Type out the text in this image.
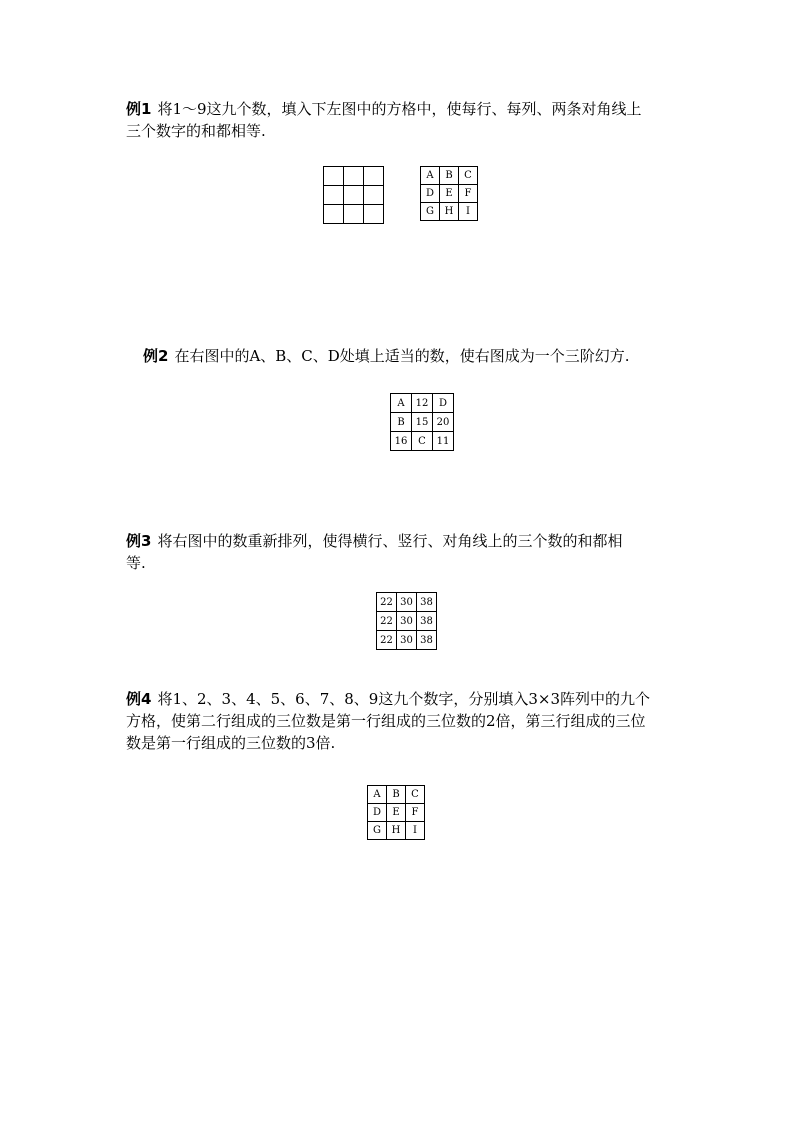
例1 将1～9这九个数，填入下左图中的方格中，使每行、每列、两条对角线上
三个数字的和都相等.

A	B	C
D	E	F
G	H	I
例2 在右图中的A、B、C、D处填上适当的数，使右图成为一个三阶幻方.
A	12	D
B	15	20
16	C	11
例3 将右图中的数重新排列，使得横行、竖行、对角线上的三个数的和都相
等.
22	30	38
22	30	38
22	30	38
例4 将1、2、3、4、5、6、7、8、9这九个数字，分别填入3×3阵列中的九个
方格，使第二行组成的三位数是第一行组成的三位数的2倍，第三行组成的三位
数是第一行组成的三位数的3倍.
A	B	C
D	E	F
G	H	I
